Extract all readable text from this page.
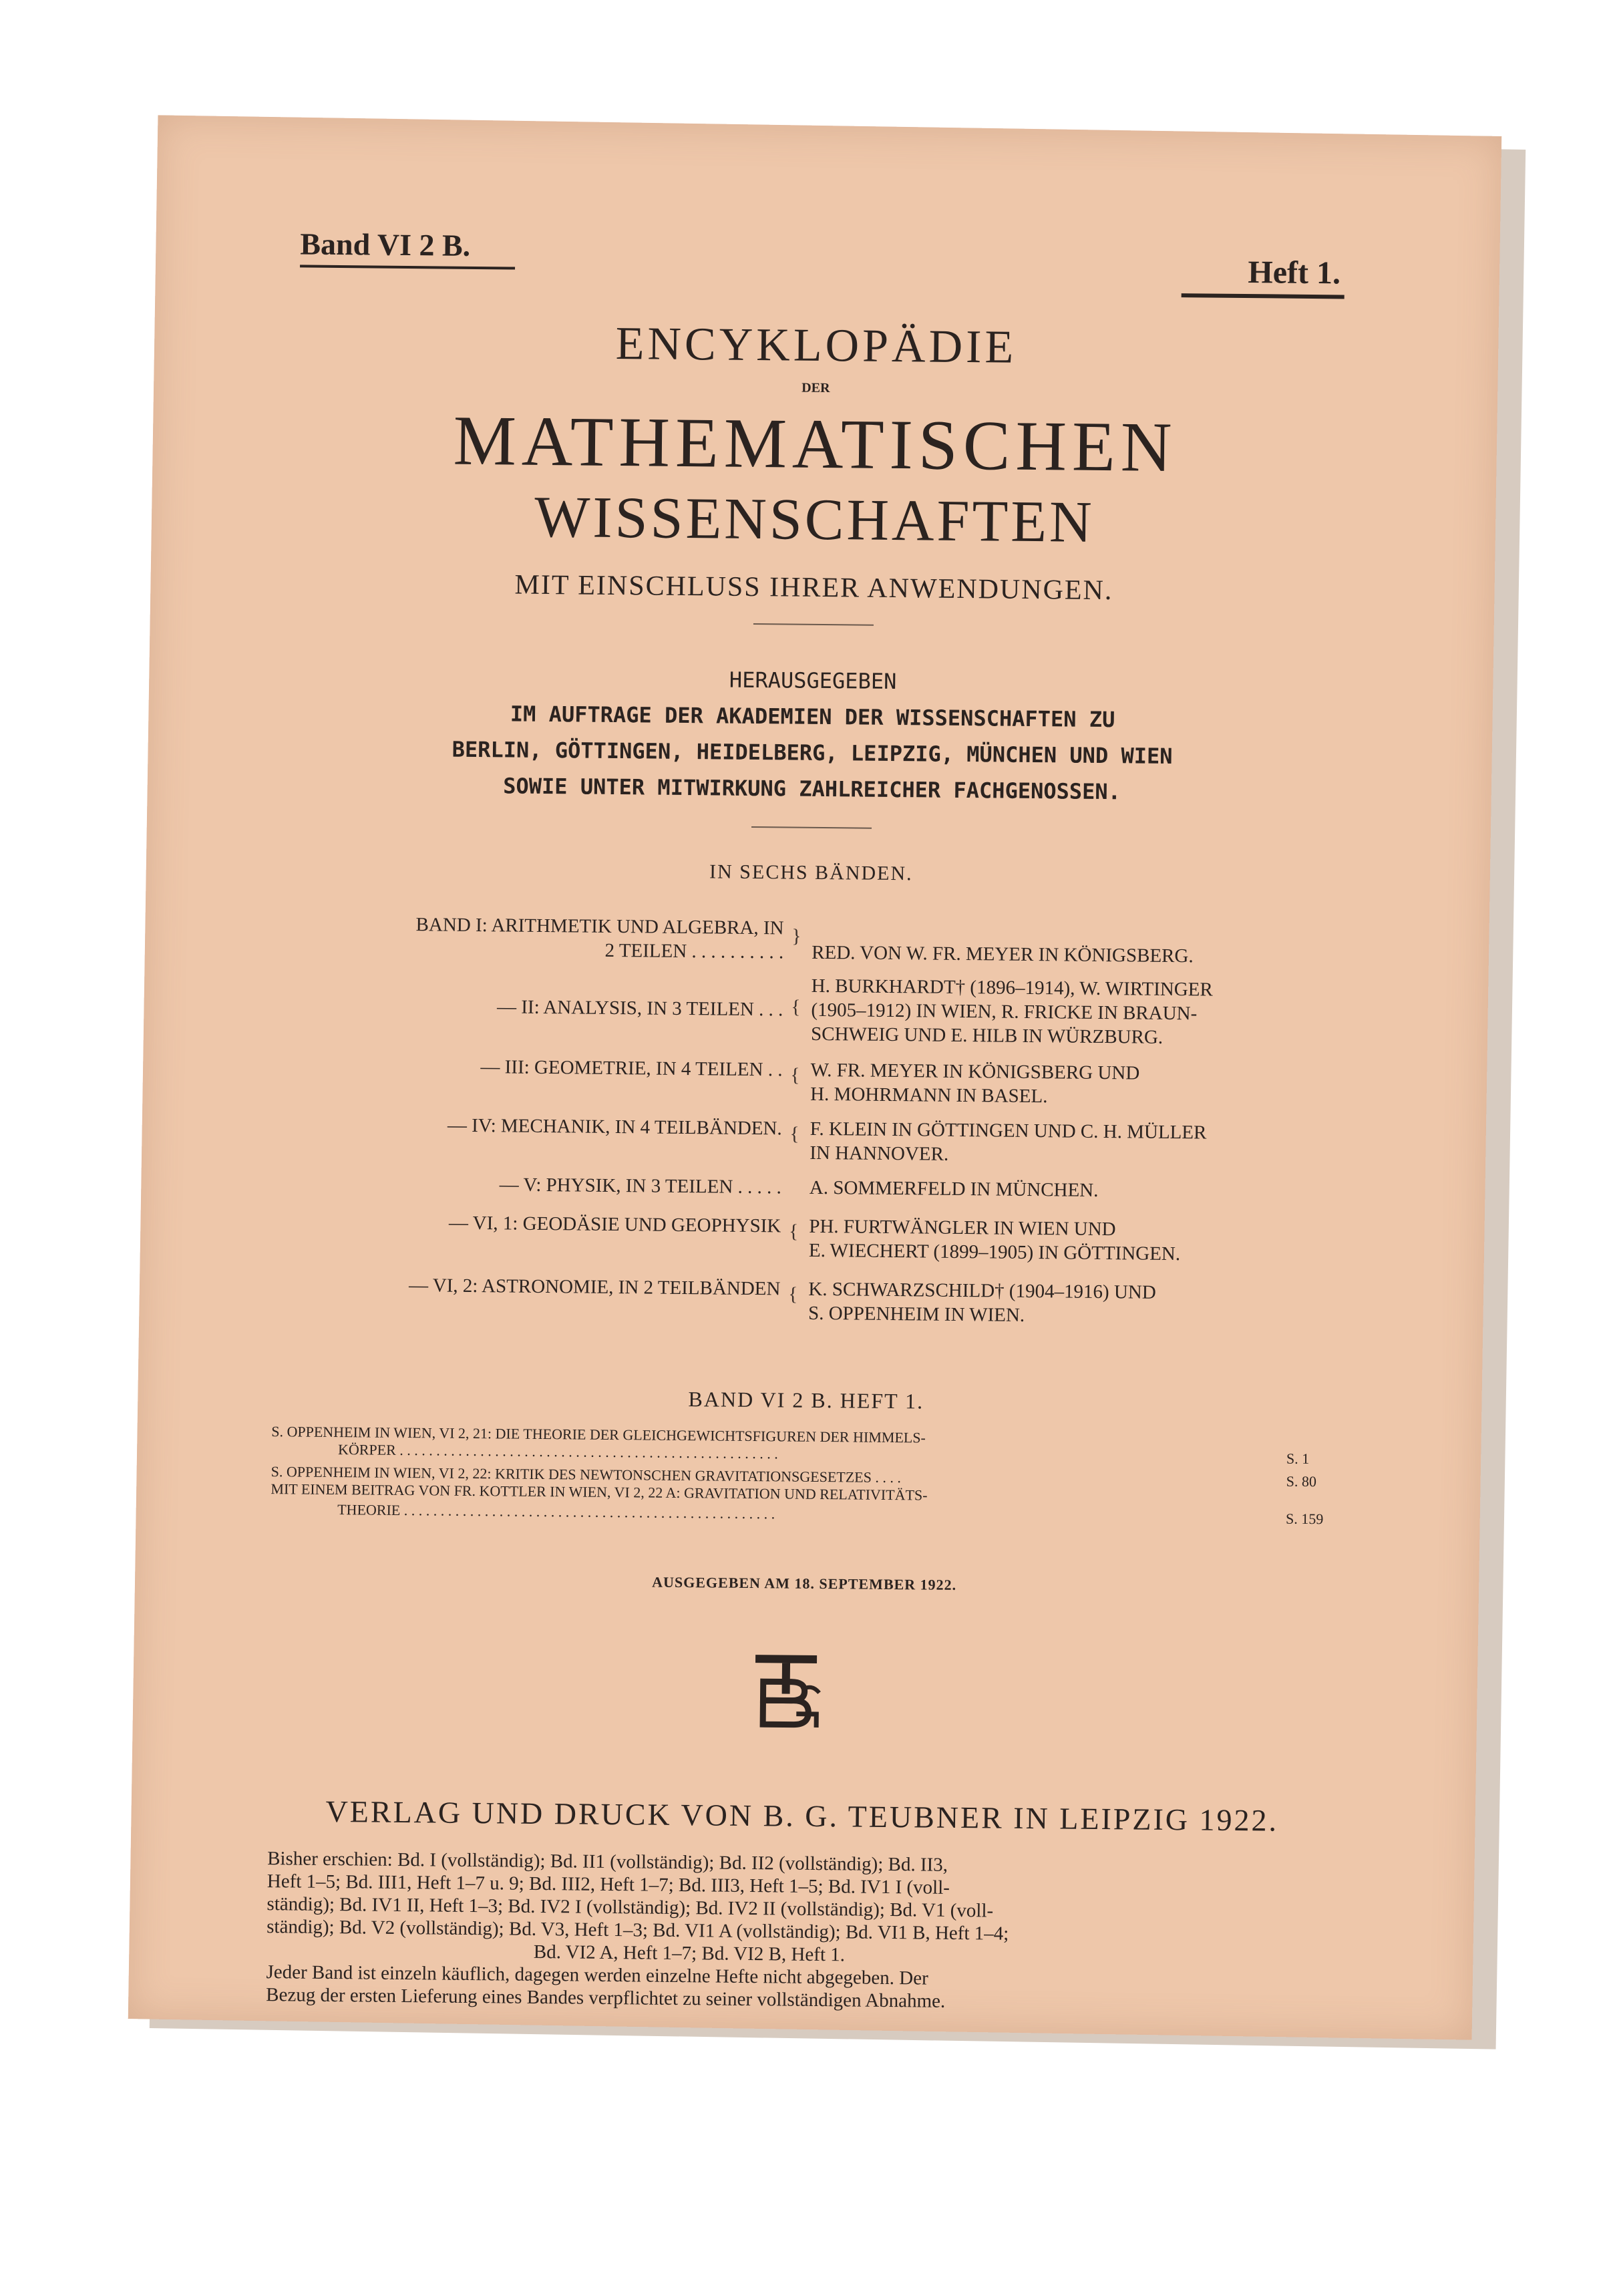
Band VI 2 B.
Heft 1.
ENCYKLOPÄDIE
DER
MATHEMATISCHEN
WISSENSCHAFTEN
MIT EINSCHLUSS IHRER ANWENDUNGEN.
HERAUSGEGEBEN
IM AUFTRAGE DER AKADEMIEN DER WISSENSCHAFTEN ZU
BERLIN, GÖTTINGEN, HEIDELBERG, LEIPZIG, MÜNCHEN UND WIEN
SOWIE UNTER MITWIRKUNG ZAHLREICHER FACHGENOSSEN.
IN SECHS BÄNDEN.
BAND I: ARITHMETIK UND ALGEBRA, IN
2 TEILEN . . . . . . . . . .
}
RED. VON W. FR. MEYER IN KÖNIGSBERG.
— II: ANALYSIS, IN 3 TEILEN . . . {
H. BURKHARDT† (1896–1914), W. WIRTINGER
(1905–1912) IN WIEN, R. FRICKE IN BRAUN-
SCHWEIG UND E. HILB IN WÜRZBURG.
— III: GEOMETRIE, IN 4 TEILEN . . { W. FR. MEYER IN KÖNIGSBERG UND
H. MOHRMANN IN BASEL.
— IV: MECHANIK, IN 4 TEILBÄNDEN. { F. KLEIN IN GÖTTINGEN UND C. H. MÜLLER
IN HANNOVER.
— V: PHYSIK, IN 3 TEILEN . . . . . A. SOMMERFELD IN MÜNCHEN.
— VI, 1: GEODÄSIE UND GEOPHYSIK { PH. FURTWÄNGLER IN WIEN UND
E. WIECHERT (1899–1905) IN GÖTTINGEN.
— VI, 2: ASTRONOMIE, IN 2 TEILBÄNDEN { K. SCHWARZSCHILD† (1904–1916) UND
S. OPPENHEIM IN WIEN.
BAND VI 2 B. HEFT 1.
S. OPPENHEIM IN WIEN, VI 2, 21: DIE THEORIE DER GLEICHGEWICHTSFIGUREN DER HIMMELS-
KÖRPER . . . . . . . . . . . . . . . . . . . . . . . . . . . . . . . . . . . . . . . . . . . . . . . . . . . .	S. 1
S. OPPENHEIM IN WIEN, VI 2, 22: KRITIK DES NEWTONSCHEN GRAVITATIONSGESETZES . . . .	S. 80
MIT EINEM BEITRAG VON FR. KOTTLER IN WIEN, VI 2, 22 A: GRAVITATION UND RELATIVITÄTS-
THEORIE . . . . . . . . . . . . . . . . . . . . . . . . . . . . . . . . . . . . . . . . . . . . . . . . . . .	S. 159
AUSGEGEBEN AM 18. SEPTEMBER 1922.
VERLAG UND DRUCK VON B. G. TEUBNER IN LEIPZIG 1922.
Bisher erschien: Bd. I (vollständig); Bd. II1 (vollständig); Bd. II2 (vollständig); Bd. II3,
Heft 1–5; Bd. III1, Heft 1–7 u. 9; Bd. III2, Heft 1–7; Bd. III3, Heft 1–5; Bd. IV1 I (voll-
ständig); Bd. IV1 II, Heft 1–3; Bd. IV2 I (vollständig); Bd. IV2 II (vollständig); Bd. V1 (voll-
ständig); Bd. V2 (vollständig); Bd. V3, Heft 1–3; Bd. VI1 A (vollständig); Bd. VI1 B, Heft 1–4;
Bd. VI2 A, Heft 1–7; Bd. VI2 B, Heft 1.
Jeder Band ist einzeln käuflich, dagegen werden einzelne Hefte nicht abgegeben. Der
Bezug der ersten Lieferung eines Bandes verpflichtet zu seiner vollständigen Abnahme.
